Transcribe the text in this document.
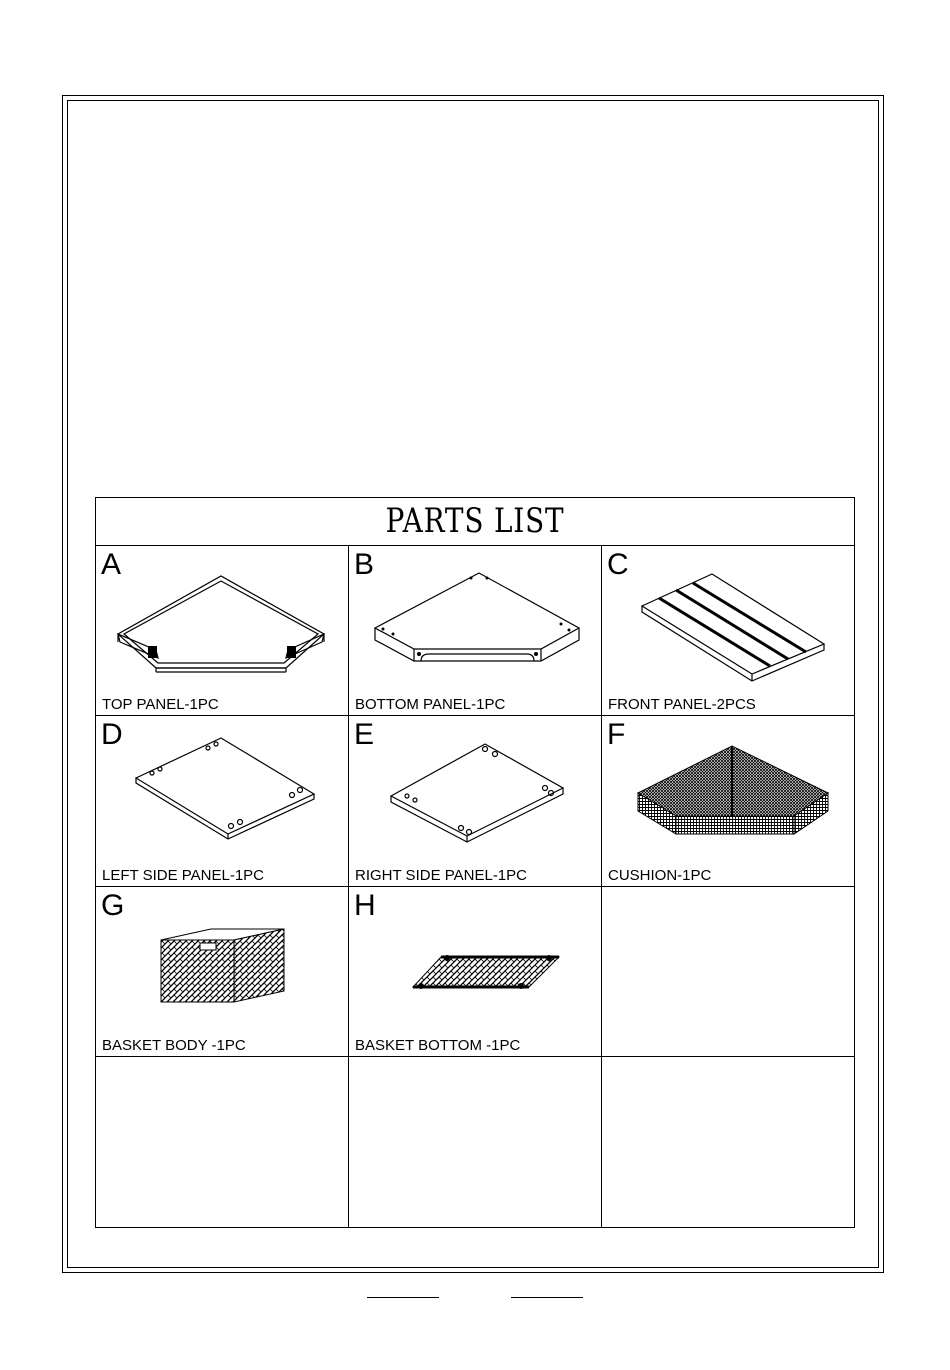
PARTS LIST
A
TOP PANEL-1PC
B
BOTTOM PANEL-1PC
C
FRONT PANEL-2PCS
D
LEFT SIDE PANEL-1PC
E
RIGHT SIDE PANEL-1PC
F
CUSHION-1PC
G
BASKET BODY -1PC
H
BASKET BOTTOM -1PC
